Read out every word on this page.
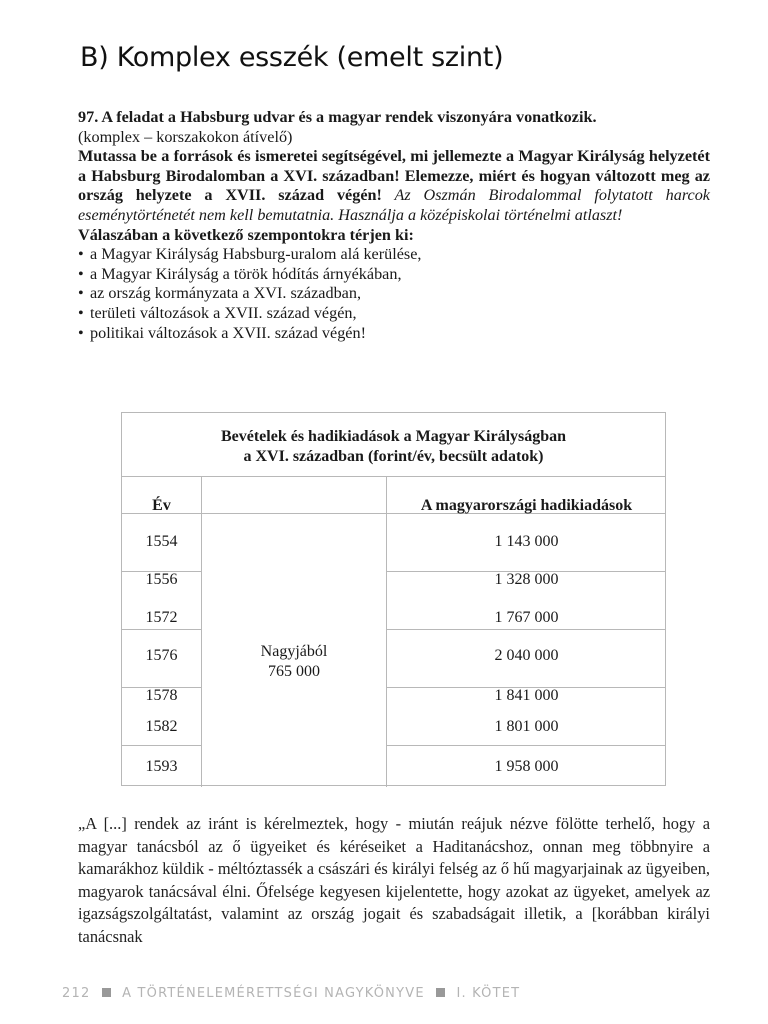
B) Komplex esszék (emelt szint)

97. A feladat a Habsburg udvar és a magyar rendek viszonyára vonatkozik.

(komplex – korszakokon átívelő)

Mutassa be a források és ismeretei segítségével, mi jellemezte a Magyar Királyság helyzetét a Habsburg Birodalomban a XVI. században! Elemezze, miért és hogyan változott meg az ország helyzete a XVII. század végén! Az Oszmán Birodalommal folytatott harcok eseménytörténetét nem kell bemutatnia. Használja a középiskolai történelmi atlaszt!

Válaszában a következő szempontokra térjen ki:

• a Magyar Királyság Habsburg-uralom alá kerülése,
• a Magyar Királyság a török hódítás árnyékában,
• az ország kormányzata a XVI. században,
• területi változások a XVII. század végén,
• politikai változások a XVII. század végén!
Bevételek és hadikiadások a Magyar Királyságban
a XVI. században (forint/év, becsült adatok)
Év	A magyarországi hadikiadások
Nagyjából
765 000
1554	1 143 000
1556	1 328 000
1572	1 767 000
1576	2 040 000
1578	1 841 000
1582	1 801 000
1593	1 958 000
„A [...] rendek az iránt is kérelmeztek, hogy - miután reájuk nézve fölötte terhelő, hogy a magyar tanácsból az ő ügyeiket és kéréseiket a Haditanácshoz, onnan meg többnyire a kamarákhoz küldik - méltóztassék a császári és királyi felség az ő hű magyarjainak az ügyeiben, magyarok tanácsával élni. Őfelsége kegyesen kijelentette, hogy azokat az ügyeket, amelyek az igazságszolgáltatást, valamint az ország jogait és szabadságait illetik, a [korábban királyi tanácsnak
212 A TÖRTÉNELEMÉRETTSÉGI NAGYKÖNYVE I. KÖTET
